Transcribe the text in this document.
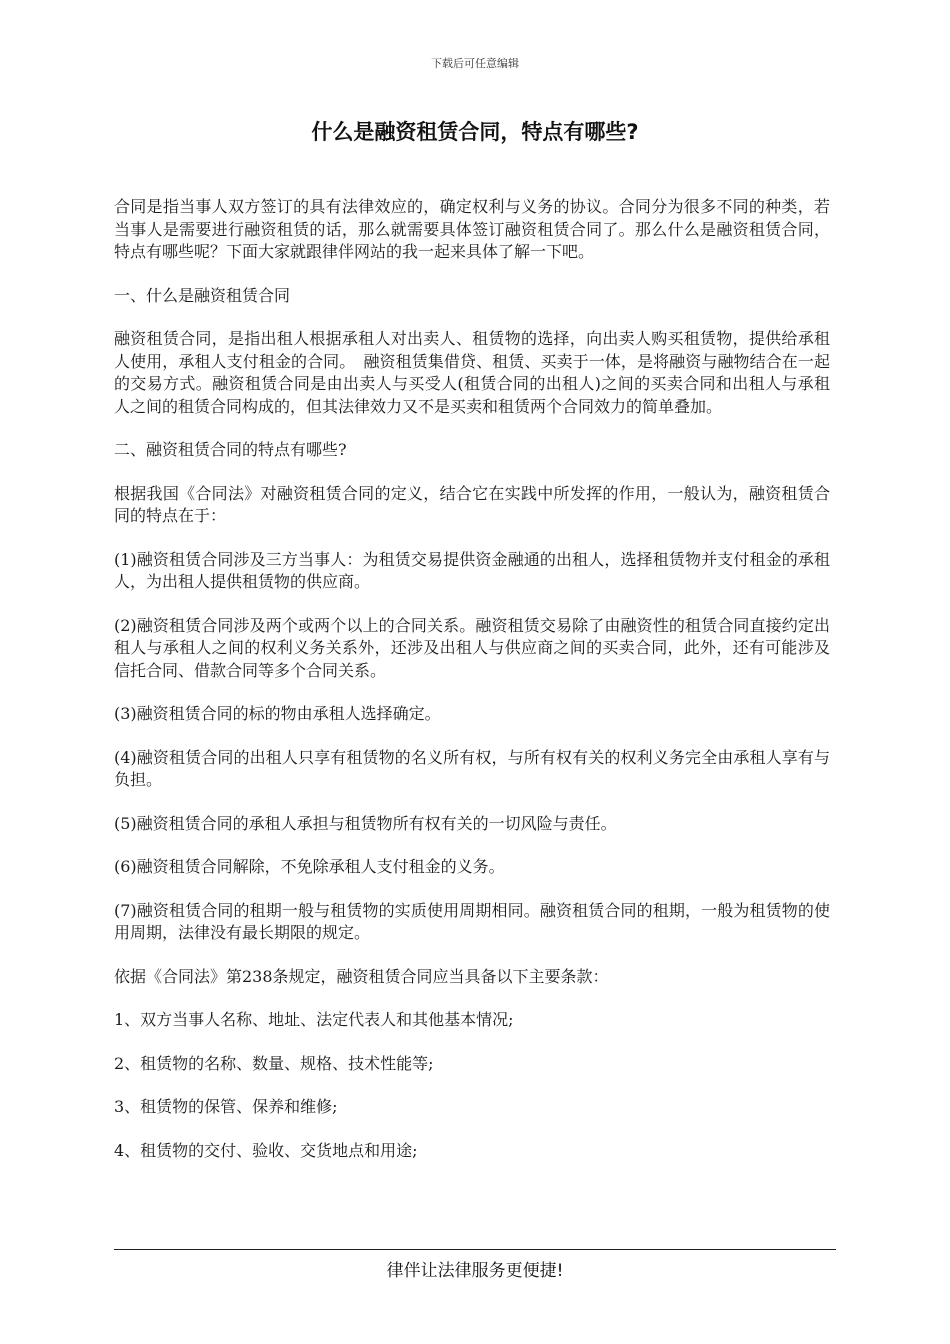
下载后可任意编辑
什么是融资租赁合同，特点有哪些?

合同是指当事人双方签订的具有法律效应的，确定权利与义务的协议。合同分为很多不同的种类，若当事人是需要进行融资租赁的话，那么就需要具体签订融资租赁合同了。那么什么是融资租赁合同，特点有哪些呢？下面大家就跟律伴网站的我一起来具体了解一下吧。

一、什么是融资租赁合同

融资租赁合同，是指出租人根据承租人对出卖人、租赁物的选择，向出卖人购买租赁物，提供给承租人使用，承租人支付租金的合同。　融资租赁集借贷、租赁、买卖于一体，是将融资与融物结合在一起的交易方式。融资租赁合同是由出卖人与买受人(租赁合同的出租人)之间的买卖合同和出租人与承租人之间的租赁合同构成的，但其法律效力又不是买卖和租赁两个合同效力的简单叠加。

二、融资租赁合同的特点有哪些?

根据我国《合同法》对融资租赁合同的定义，结合它在实践中所发挥的作用，一般认为，融资租赁合同的特点在于：

(1)融资租赁合同涉及三方当事人：为租赁交易提供资金融通的出租人，选择租赁物并支付租金的承租人，为出租人提供租赁物的供应商。

(2)融资租赁合同涉及两个或两个以上的合同关系。融资租赁交易除了由融资性的租赁合同直接约定出租人与承租人之间的权利义务关系外，还涉及出租人与供应商之间的买卖合同，此外，还有可能涉及信托合同、借款合同等多个合同关系。

(3)融资租赁合同的标的物由承租人选择确定。

(4)融资租赁合同的出租人只享有租赁物的名义所有权，与所有权有关的权利义务完全由承租人享有与负担。

(5)融资租赁合同的承租人承担与租赁物所有权有关的一切风险与责任。

(6)融资租赁合同解除，不免除承租人支付租金的义务。

(7)融资租赁合同的租期一般与租赁物的实质使用周期相同。融资租赁合同的租期，一般为租赁物的使用周期，法律没有最长期限的规定。

依据《合同法》第238条规定，融资租赁合同应当具备以下主要条款：

1、双方当事人名称、地址、法定代表人和其他基本情况;

2、租赁物的名称、数量、规格、技术性能等;

3、租赁物的保管、保养和维修;

4、租赁物的交付、验收、交货地点和用途;

律伴让法律服务更便捷!
